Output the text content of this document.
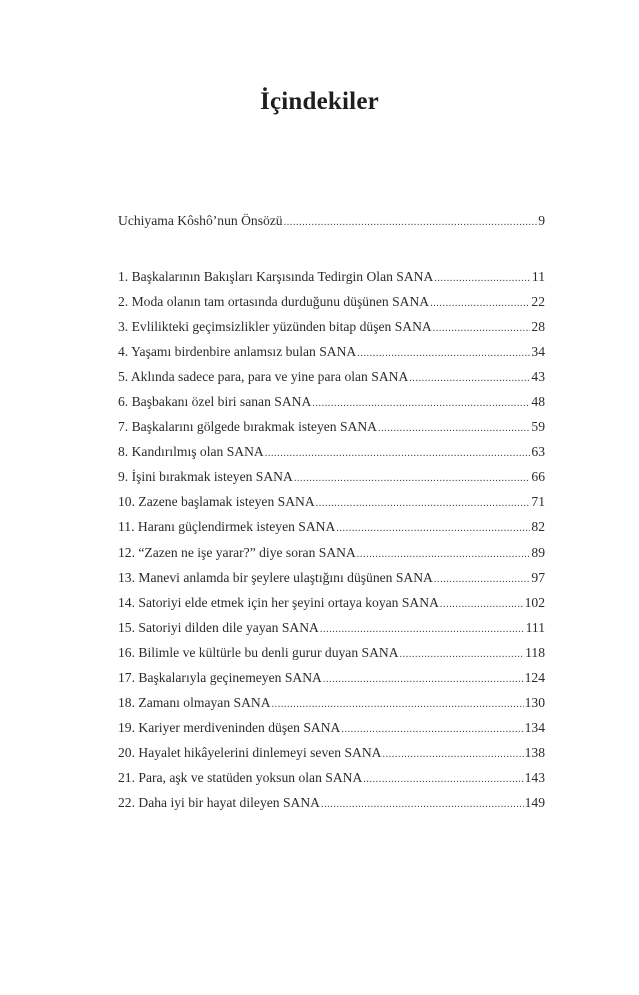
İçindekiler
Uchiyama Kôshô’nun Önsözü .....	9
1. Başkalarının Bakışları Karşısında Tedirgin Olan SANA .....	11
2. Moda olanın tam ortasında durduğunu düşünen SANA .....	22
3. Evlilikteki geçimsizlikler yüzünden bitap düşen SANA .....	28
4. Yaşamı birdenbire anlamsız bulan SANA .....	34
5. Aklında sadece para, para ve yine para olan SANA .....	43
6. Başbakanı özel biri sanan SANA .....	48
7. Başkalarını gölgede bırakmak isteyen SANA .....	59
8. Kandırılmış olan SANA .....	63
9. İşini bırakmak isteyen SANA .....	66
10. Zazene başlamak isteyen SANA .....	71
11. Haranı güçlendirmek isteyen SANA .....	82
12. “Zazen ne işe yarar?” diye soran SANA .....	89
13. Manevi anlamda bir şeylere ulaştığını düşünen SANA .....	97
14. Satoriyi elde etmek için her şeyini ortaya koyan SANA .....	102
15. Satoriyi dilden dile yayan SANA .....	111
16. Bilimle ve kültürle bu denli gurur duyan SANA .....	118
17. Başkalarıyla geçinemeyen SANA .....	124
18. Zamanı olmayan SANA .....	130
19. Kariyer merdiveninden düşen SANA .....	134
20. Hayalet hikâyelerini dinlemeyi seven SANA .....	138
21. Para, aşk ve statüden yoksun olan SANA .....	143
22. Daha iyi bir hayat dileyen SANA .....	149
